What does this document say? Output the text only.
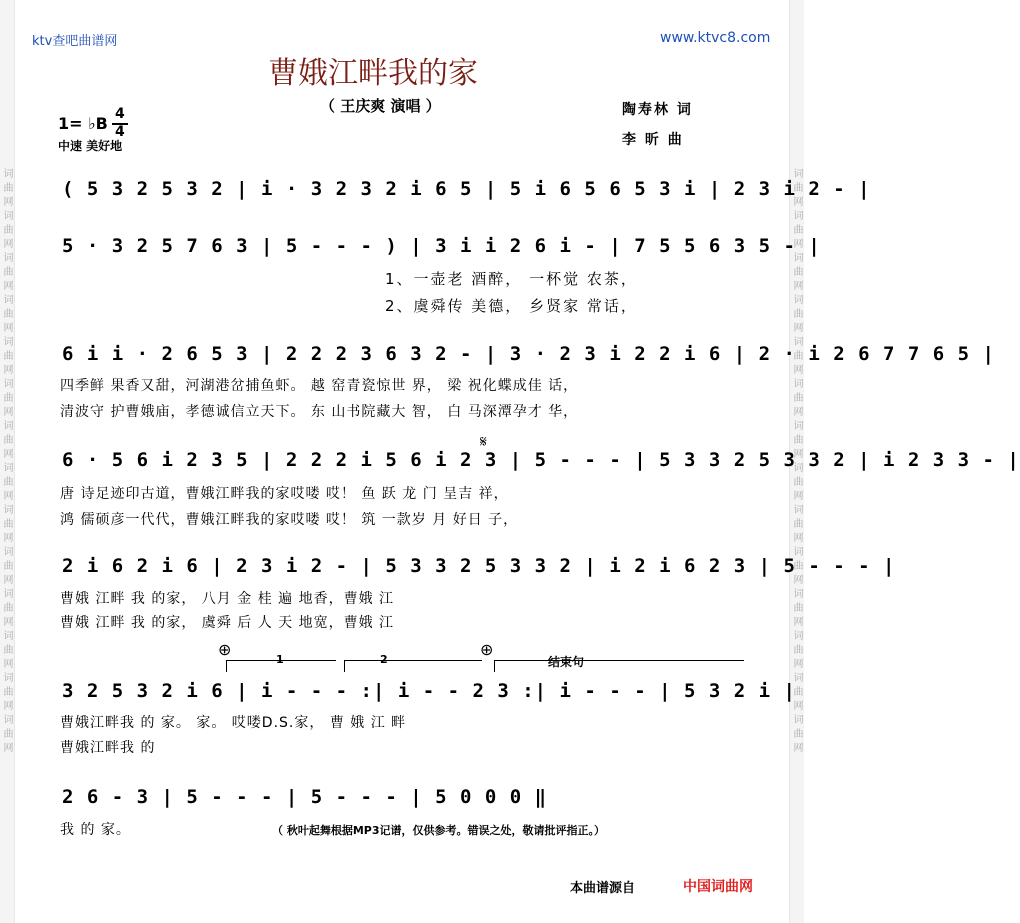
词曲网词曲网词曲网词曲网词曲网词曲网词曲网词曲网词曲网词曲网词曲网词曲网词曲网词曲网	词曲网词曲网词曲网词曲网词曲网词曲网词曲网词曲网词曲网词曲网词曲网词曲网词曲网词曲网
ktv查吧曲谱网	www.ktvc8.com
曹娥江畔我的家
（ 王庆爽 演唱 ）
1= ♭B 4
4
中速 美好地
陶寿林 词
李 昕 曲
( 5 3 2 5 3 2 | i · 3 2 3 2 i 6 5 | 5 i 6 5 6 5 3 i | 2 3 i 2 - |
5 · 3 2 5 7 6 3 | 5 - - - ) | 3 i i 2 6 i - | 7 5 5 6 3 5 - |
1、一壶老 酒醉， 一杯觉 农茶，
2、虞舜传 美德， 乡贤家 常话，
6 i i · 2 6 5 3 | 2 2 2 3 6 3 2 - | 3 · 2 3 i 2 2 i 6 | 2 · i 2 6 7 7 6 5 |
四季鲜 果香又甜，河湖港岔捕鱼虾。 越 窑青瓷惊世 界， 梁 祝化蝶成佳 话，
清波守 护曹娥庙，孝德诚信立天下。 东 山书院藏大 智， 白 马深潭孕才 华，
𝄋
6 · 5 6 i 2 3 5 | 2 2 2 i 5 6 i 2 3 | 5 - - - | 5 3 3 2 5 3 3 2 | i 2 3 3 - |
唐 诗足迹印古道，曹娥江畔我的家哎喽 哎！ 鱼 跃 龙 门 呈吉 祥，
鸿 儒硕彦一代代，曹娥江畔我的家哎喽 哎！ 筑 一款岁 月 好日 子，
2 i 6 2 i 6 | 2 3 i 2 - | 5 3 3 2 5 3 3 2 | i 2 i 6 2 3 | 5 - - - |
曹娥 江畔 我 的家， 八月 金 桂 遍 地香，曹娥 江
曹娥 江畔 我 的家， 虞舜 后 人 天 地宽，曹娥 江
⊕	⊕
1	2	结束句
3 2 5 3 2 i 6 | i - - - :| i - - 2 3 :| i - - - | 5 3 2 i |
曹娥江畔我 的 家。 家。 哎喽D.S.家， 曹 娥 江 畔
曹娥江畔我 的
2 6 - 3 | 5 - - - | 5 - - - | 5 0 0 0 ‖
我 的 家。	（ 秋叶起舞根据MP3记谱，仅供参考。错误之处，敬请批评指正。）
本曲谱源自	中国词曲网
